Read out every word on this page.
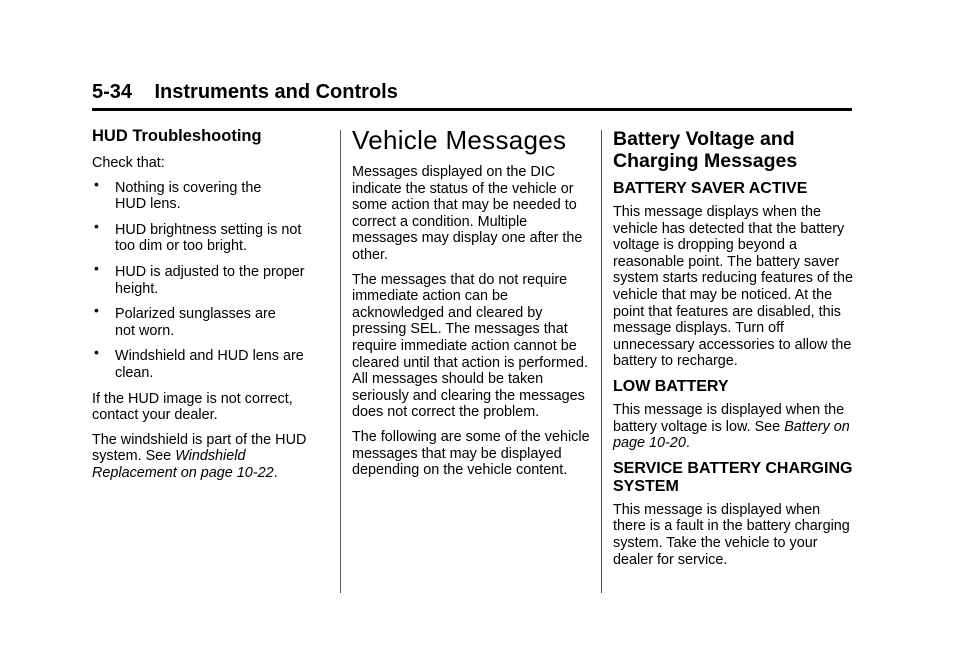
5-34 Instruments and Controls
HUD Troubleshooting

Check that:

• Nothing is covering the
HUD lens.
• HUD brightness setting is not
too dim or too bright.
• HUD is adjusted to the proper
height.
• Polarized sunglasses are
not worn.
• Windshield and HUD lens are
clean.

If the HUD image is not correct, contact your dealer.

The windshield is part of the HUD system. See Windshield Replacement on page 10-22.

Vehicle Messages

Messages displayed on the DIC indicate the status of the vehicle or some action that may be needed to correct a condition. Multiple messages may display one after the other.

The messages that do not require immediate action can be acknowledged and cleared by pressing SEL. The messages that require immediate action cannot be cleared until that action is performed. All messages should be taken seriously and clearing the messages does not correct the problem.

The following are some of the vehicle messages that may be displayed depending on the vehicle content.

Battery Voltage and Charging Messages
BATTERY SAVER ACTIVE

This message displays when the vehicle has detected that the battery voltage is dropping beyond a reasonable point. The battery saver system starts reducing features of the vehicle that may be noticed. At the point that features are disabled, this message displays. Turn off unnecessary accessories to allow the battery to recharge.

LOW BATTERY

This message is displayed when the battery voltage is low. See Battery on page 10-20.

SERVICE BATTERY CHARGING SYSTEM

This message is displayed when there is a fault in the battery charging system. Take the vehicle to your dealer for service.
